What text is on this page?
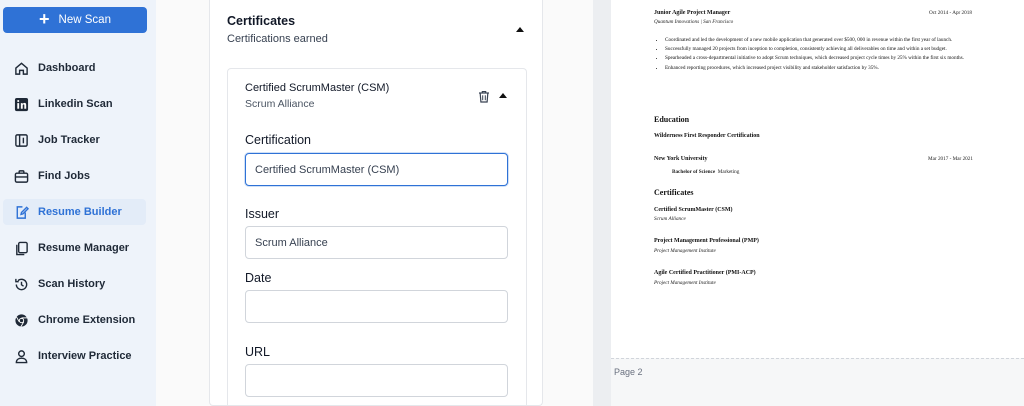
+ New Scan
Dashboard
Linkedin Scan
Job Tracker
Find Jobs
Resume Builder
Resume Manager
Scan History
Chrome Extension
Interview Practice
Certificates
Certifications earned
Certified ScrumMaster (CSM)
Scrum Alliance
Certification
Certified ScrumMaster (CSM)
Issuer
Scrum Alliance
Date
URL
Junior Agile Project Manager	Oct 2014 - Apr 2018
Quantum Innovations | San Francisco
• Coordinated and led the development of a new mobile application that generated over $500, 000 in revenue within the first year of launch.
• Successfully managed 20 projects from inception to completion, consistently achieving all deliverables on time and within a set budget.
• Spearheaded a cross-departmental initiative to adopt Scrum techniques, which decreased project cycle times by 25% within the first six months.
• Enhanced reporting procedures, which increased project visibility and stakeholder satisfaction by 35%.
Education
Wilderness First Responder Certification
New York University	Mar 2017 - Mar 2021
Bachelor of Science Marketing
Certificates
Certified ScrumMaster (CSM)
Scrum Alliance
Project Management Professional (PMP)
Project Management Institute
Agile Certified Practitioner (PMI-ACP)
Project Management Institute
Page 2
